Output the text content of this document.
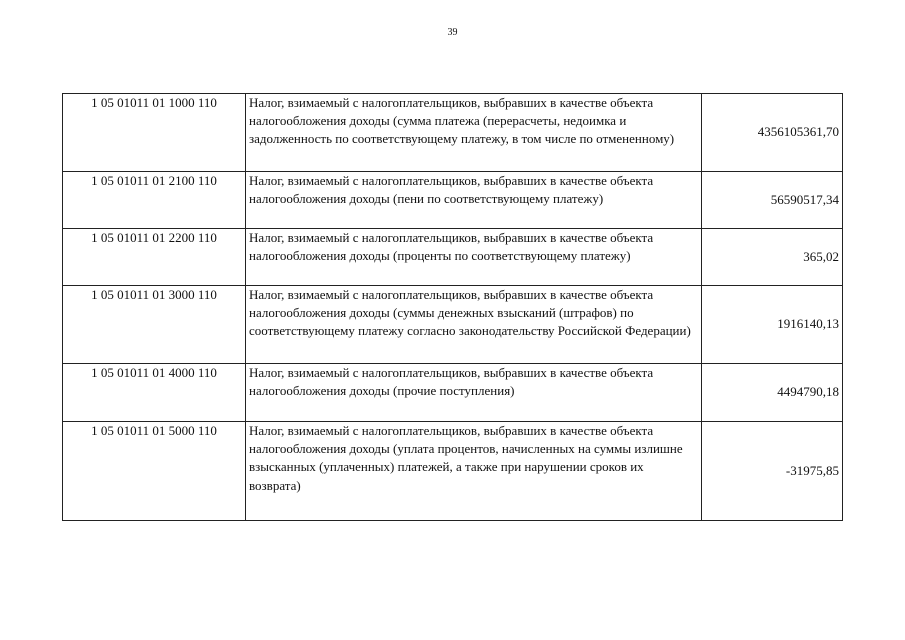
39
1 05 01011 01 1000 110	Налог, взимаемый с налогоплательщиков, выбравших в качестве объекта налогообложения доходы (сумма платежа (перерасчеты, недоимка и задолженность по соответствующему платежу, в том числе по отмененному)	4356105361,70
1 05 01011 01 2100 110	Налог, взимаемый с налогоплательщиков, выбравших в качестве объекта налогообложения доходы (пени по соответствующему платежу)	56590517,34
1 05 01011 01 2200 110	Налог, взимаемый с налогоплательщиков, выбравших в качестве объекта налогообложения доходы (проценты по соответствующему платежу)	365,02
1 05 01011 01 3000 110	Налог, взимаемый с налогоплательщиков, выбравших в качестве объекта налогообложения доходы (суммы денежных взысканий (штрафов) по соответствующему платежу согласно законодательству Российской Федерации)	1916140,13
1 05 01011 01 4000 110	Налог, взимаемый с налогоплательщиков, выбравших в качестве объекта налогообложения доходы (прочие поступления)	4494790,18
1 05 01011 01 5000 110	Налог, взимаемый с налогоплательщиков, выбравших в качестве объекта налогообложения доходы (уплата процентов, начисленных на суммы излишне взысканных (уплаченных) платежей, а также при нарушении сроков их возврата)	-31975,85
